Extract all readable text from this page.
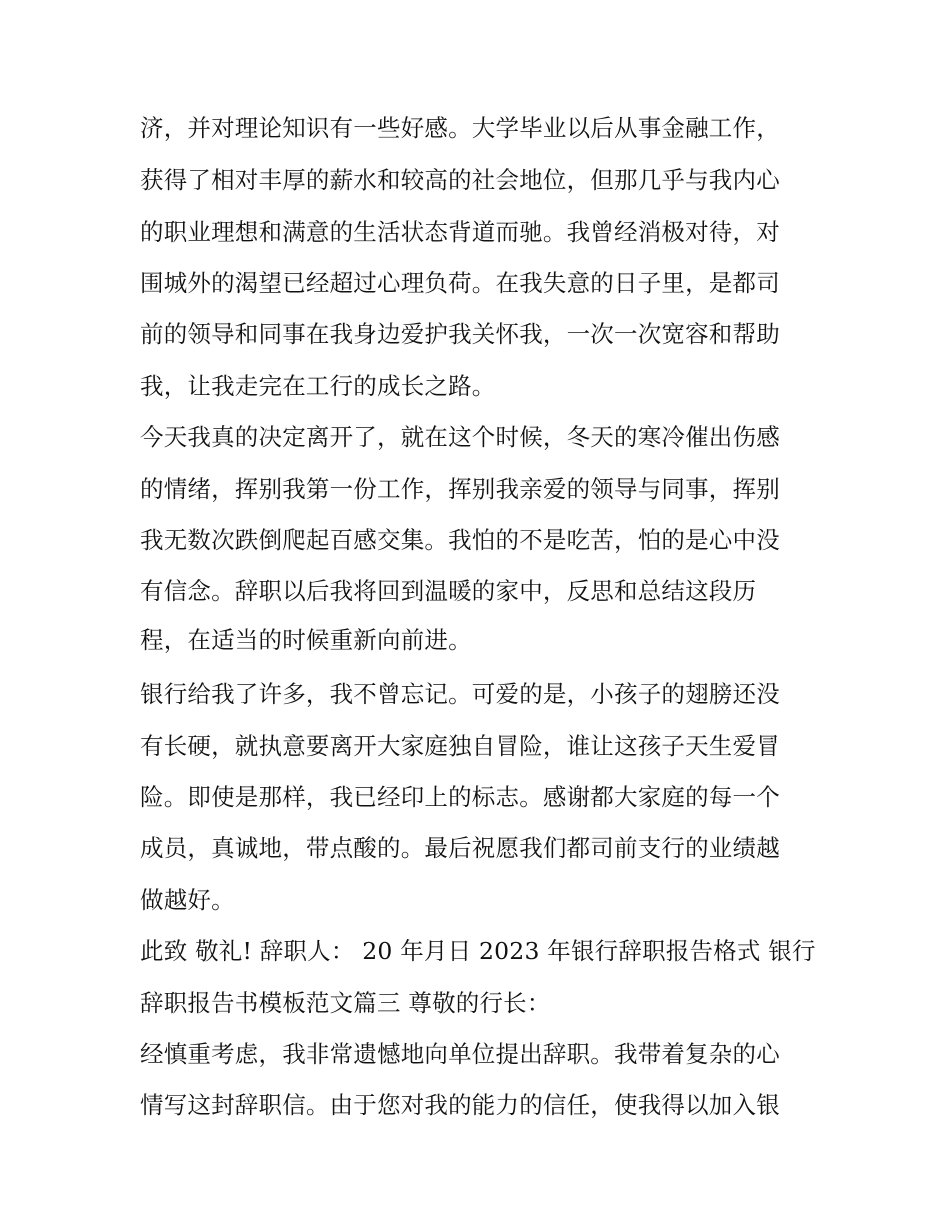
济，并对理论知识有一些好感。大学毕业以后从事金融工作，
获得了相对丰厚的薪水和较高的社会地位，但那几乎与我内心
的职业理想和满意的生活状态背道而驰。我曾经消极对待，对
围城外的渴望已经超过心理负荷。在我失意的日子里，是都司
前的领导和同事在我身边爱护我关怀我，一次一次宽容和帮助
我，让我走完在工行的成长之路。
今天我真的决定离开了，就在这个时候，冬天的寒冷催出伤感
的情绪，挥别我第一份工作，挥别我亲爱的领导与同事，挥别
我无数次跌倒爬起百感交集。我怕的不是吃苦，怕的是心中没
有信念。辞职以后我将回到温暖的家中，反思和总结这段历
程，在适当的时候重新向前进。
银行给我了许多，我不曾忘记。可爱的是，小孩子的翅膀还没
有长硬，就执意要离开大家庭独自冒险，谁让这孩子天生爱冒
险。即使是那样，我已经印上的标志。感谢都大家庭的每一个
成员，真诚地，带点酸的。最后祝愿我们都司前支行的业绩越
做越好。
此致 敬礼! 辞职人： 20 年月日 2023 年银行辞职报告格式 银行
辞职报告书模板范文篇三 尊敬的行长：
经慎重考虑，我非常遗憾地向单位提出辞职。我带着复杂的心
情写这封辞职信。由于您对我的能力的信任，使我得以加入银
